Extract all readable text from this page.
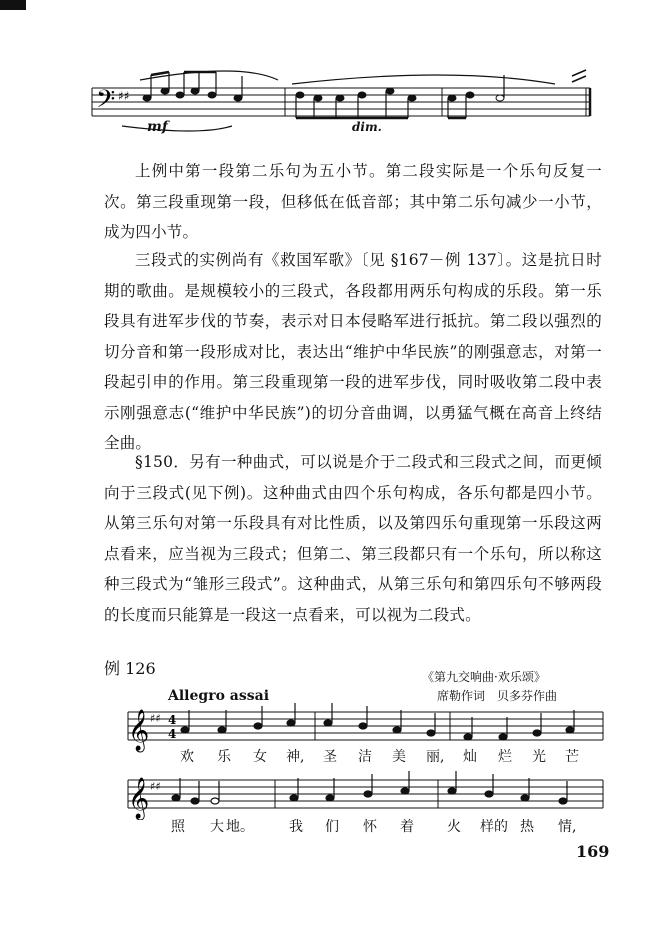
𝄢 ♯♯
mf	dim.

上例中第一段第二乐句为五小节。第二段实际是一个乐句反复一次。第三段重现第一段，但移低在低音部；其中第二乐句减少一小节，成为四小节。

三段式的实例尚有《救国军歌》〔见 §167－例 137〕。这是抗日时期的歌曲。是规模较小的三段式，各段都用两乐句构成的乐段。第一乐段具有进军步伐的节奏，表示对日本侵略军进行抵抗。第二段以强烈的切分音和第一段形成对比，表达出“维护中华民族”的刚强意志，对第一段起引申的作用。第三段重现第一段的进军步伐，同时吸收第二段中表示刚强意志(“维护中华民族”)的切分音曲调，以勇猛气概在高音上终结全曲。

§150．另有一种曲式，可以说是介于二段式和三段式之间，而更倾向于三段式(见下例)。这种曲式由四个乐句构成，各乐句都是四小节。从第三乐句对第一乐段具有对比性质，以及第四乐句重现第一乐段这两点看来，应当视为三段式；但第二、第三段都只有一个乐句，所以称这种三段式为“雏形三段式”。这种曲式，从第三乐句和第四乐句不够两段的长度而只能算是一段这一点看来，可以视为二段式。

例 126	《第九交响曲·欢乐颂》
席勒作词　贝多芬作曲
Allegro assai
𝄞
𝄞
♯♯
♯♯
4
4
欢 乐 女 神, 圣 洁 美 丽, 灿 烂 光 芒
照 大 地。	我 们 怀 着 火 样的 热 情,
169
